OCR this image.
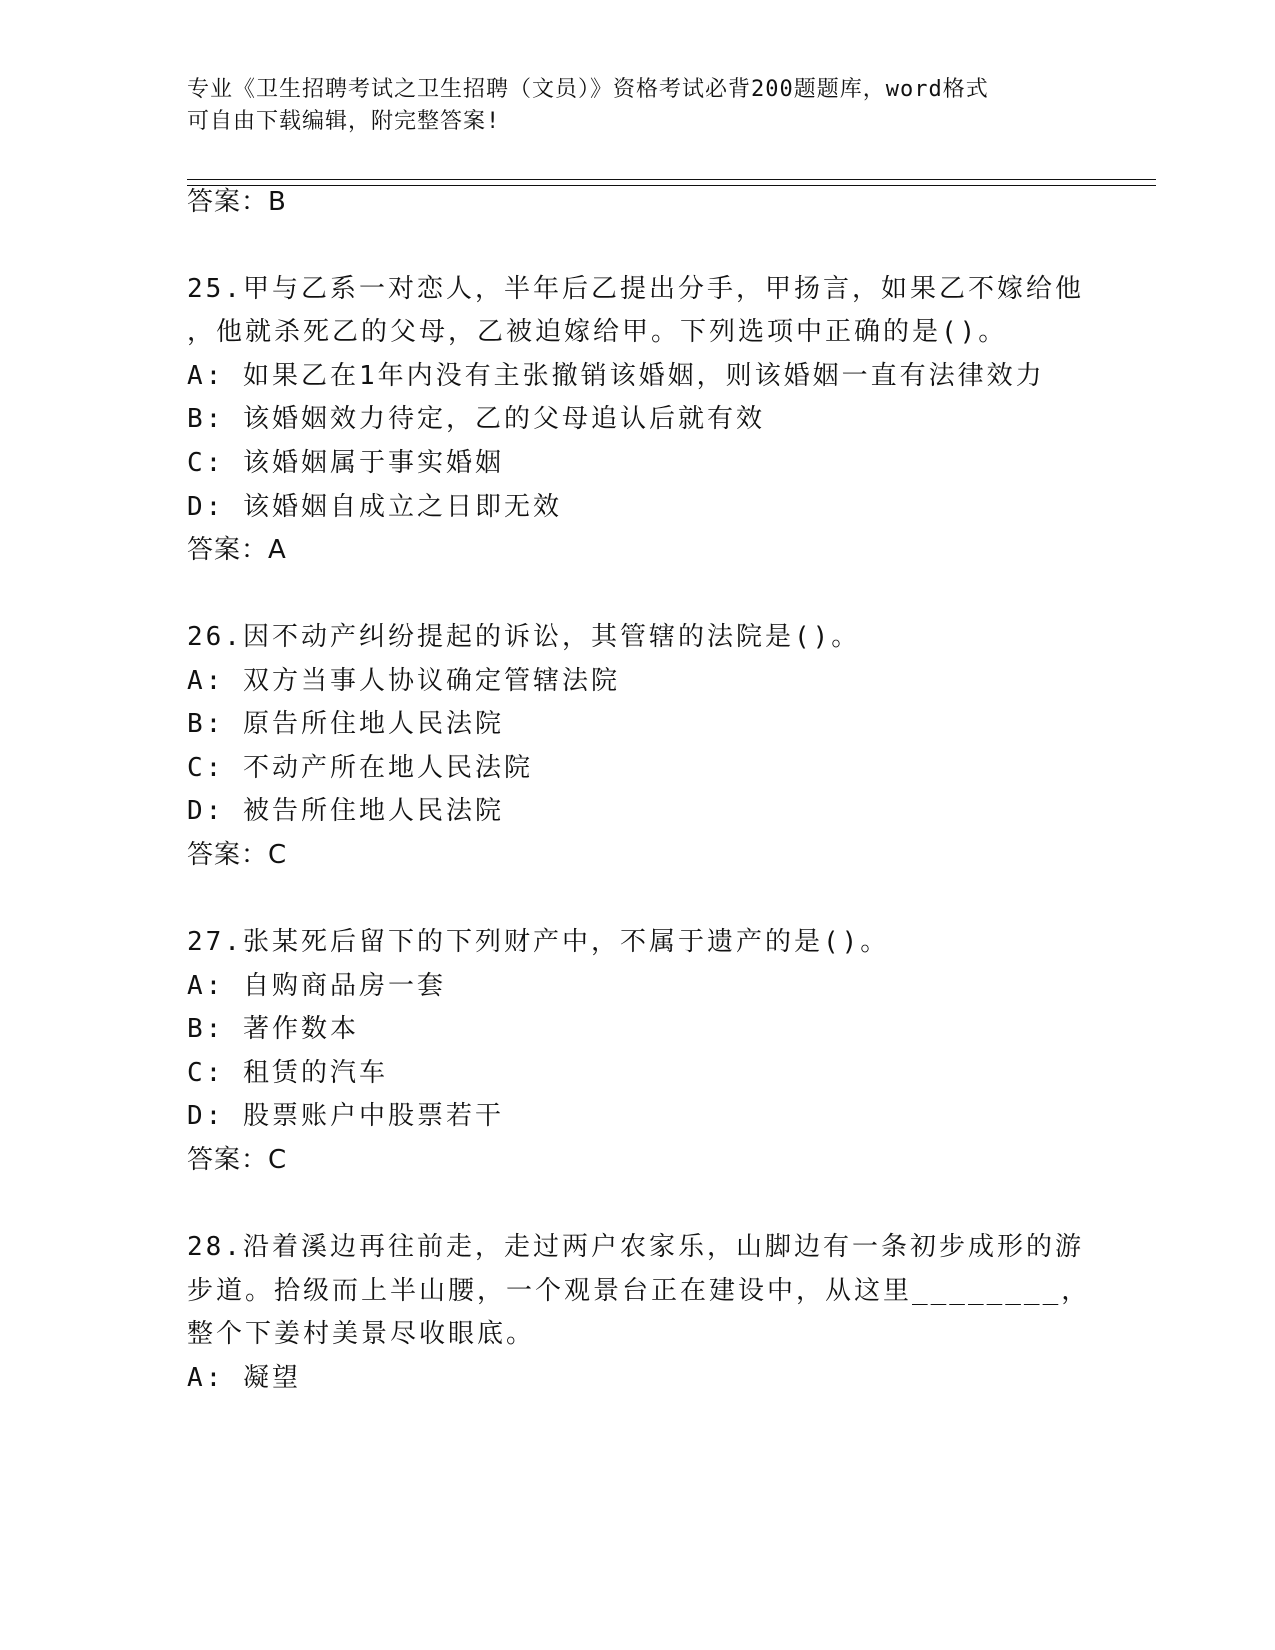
专业《卫生招聘考试之卫生招聘（文员）》资格考试必背200题题库，word格式
可自由下载编辑，附完整答案!
答案：B
25.甲与乙系一对恋人，半年后乙提出分手，甲扬言，如果乙不嫁给他
，他就杀死乙的父母，乙被迫嫁给甲。下列选项中正确的是()。
A: 如果乙在1年内没有主张撤销该婚姻，则该婚姻一直有法律效力
B: 该婚姻效力待定，乙的父母追认后就有效
C: 该婚姻属于事实婚姻
D: 该婚姻自成立之日即无效
答案：A
26.因不动产纠纷提起的诉讼，其管辖的法院是()。
A: 双方当事人协议确定管辖法院
B: 原告所住地人民法院
C: 不动产所在地人民法院
D: 被告所住地人民法院
答案：C
27.张某死后留下的下列财产中，不属于遗产的是()。
A: 自购商品房一套
B: 著作数本
C: 租赁的汽车
D: 股票账户中股票若干
答案：C
28.沿着溪边再往前走，走过两户农家乐，山脚边有一条初步成形的游
步道。拾级而上半山腰，一个观景台正在建设中，从这里________，
整个下姜村美景尽收眼底。
A: 凝望
